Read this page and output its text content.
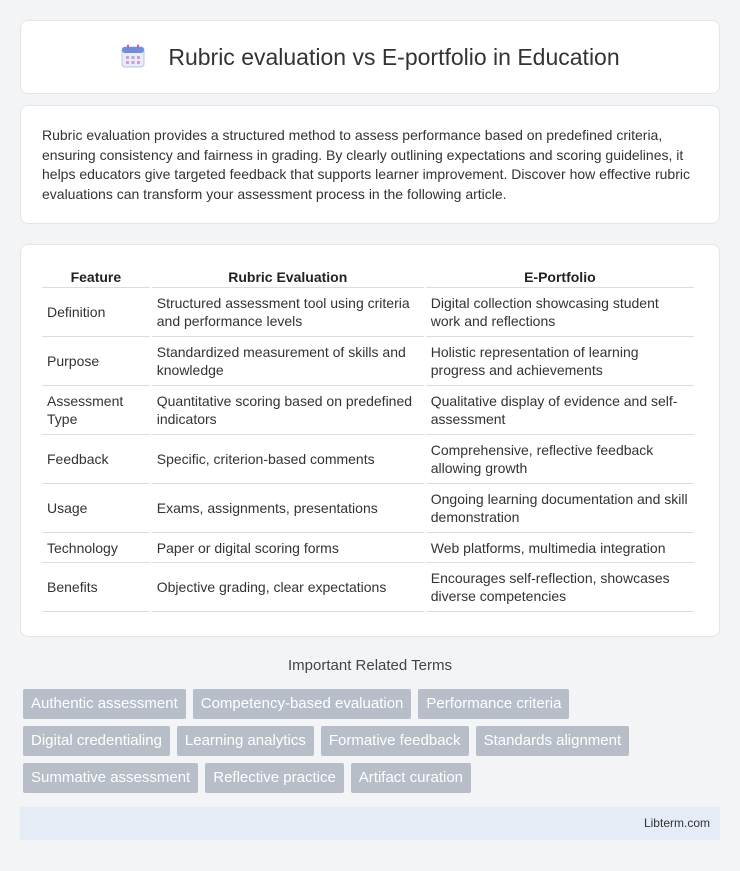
Rubric evaluation vs E-portfolio in Education

Rubric evaluation provides a structured method to assess performance based on predefined criteria, ensuring consistency and fairness in grading. By clearly outlining expectations and scoring guidelines, it helps educators give targeted feedback that supports learner improvement. Discover how effective rubric evaluations can transform your assessment process in the following article.

Feature	Rubric Evaluation	E-Portfolio
Definition	Structured assessment tool using criteria and performance levels	Digital collection showcasing student work and reflections
Purpose	Standardized measurement of skills and knowledge	Holistic representation of learning progress and achievements
Assessment Type	Quantitative scoring based on predefined indicators	Qualitative display of evidence and self-assessment
Feedback	Specific, criterion-based comments	Comprehensive, reflective feedback allowing growth
Usage	Exams, assignments, presentations	Ongoing learning documentation and skill demonstration
Technology	Paper or digital scoring forms	Web platforms, multimedia integration
Benefits	Objective grading, clear expectations	Encourages self-reflection, showcases diverse competencies
Important Related Terms
Authentic assessment	Competency-based evaluation	Performance criteria
Digital credentialing	Learning analytics	Formative feedback	Standards alignment
Summative assessment	Reflective practice	Artifact curation
Libterm.com
